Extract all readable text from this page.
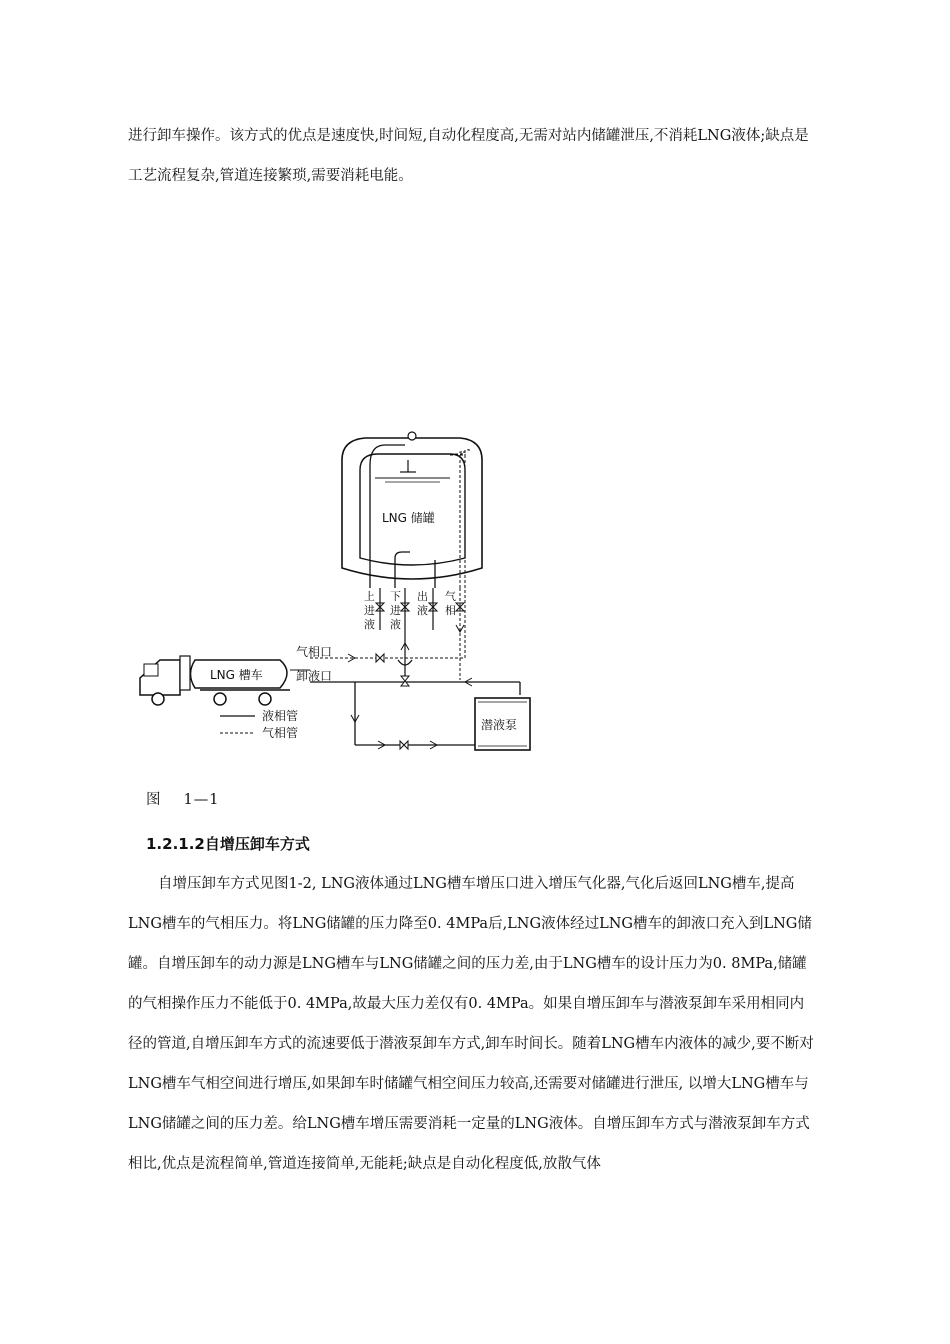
进行卸车操作。该方式的优点是速度快,时间短,自动化程度高,无需对站内储罐泄压,不消耗LNG液体;缺点是工艺流程复杂,管道连接繁琐,需要消耗电能。
LNG 储罐
上
进
液
下
进
液
出
液
气
相
潜液泵
LNG 槽车
气相口
卸液口
液相管
气相管
图 1—1
1.2.1.2自增压卸车方式
自增压卸车方式见图1-2, LNG液体通过LNG槽车增压口进入增压气化器,气化后返回LNG槽车,提高LNG槽车的气相压力。将LNG储罐的压力降至0. 4MPa后,LNG液体经过LNG槽车的卸液口充入到LNG储罐。自增压卸车的动力源是LNG槽车与LNG储罐之间的压力差,由于LNG槽车的设计压力为0. 8MPa,储罐的气相操作压力不能低于0. 4MPa,故最大压力差仅有0. 4MPa。如果自增压卸车与潜液泵卸车采用相同内径的管道,自增压卸车方式的流速要低于潜液泵卸车方式,卸车时间长。随着LNG槽车内液体的减少,要不断对LNG槽车气相空间进行增压,如果卸车时储罐气相空间压力较高,还需要对储罐进行泄压, 以增大LNG槽车与LNG储罐之间的压力差。给LNG槽车增压需要消耗一定量的LNG液体。自增压卸车方式与潜液泵卸车方式相比,优点是流程简单,管道连接简单,无能耗;缺点是自动化程度低,放散气体
